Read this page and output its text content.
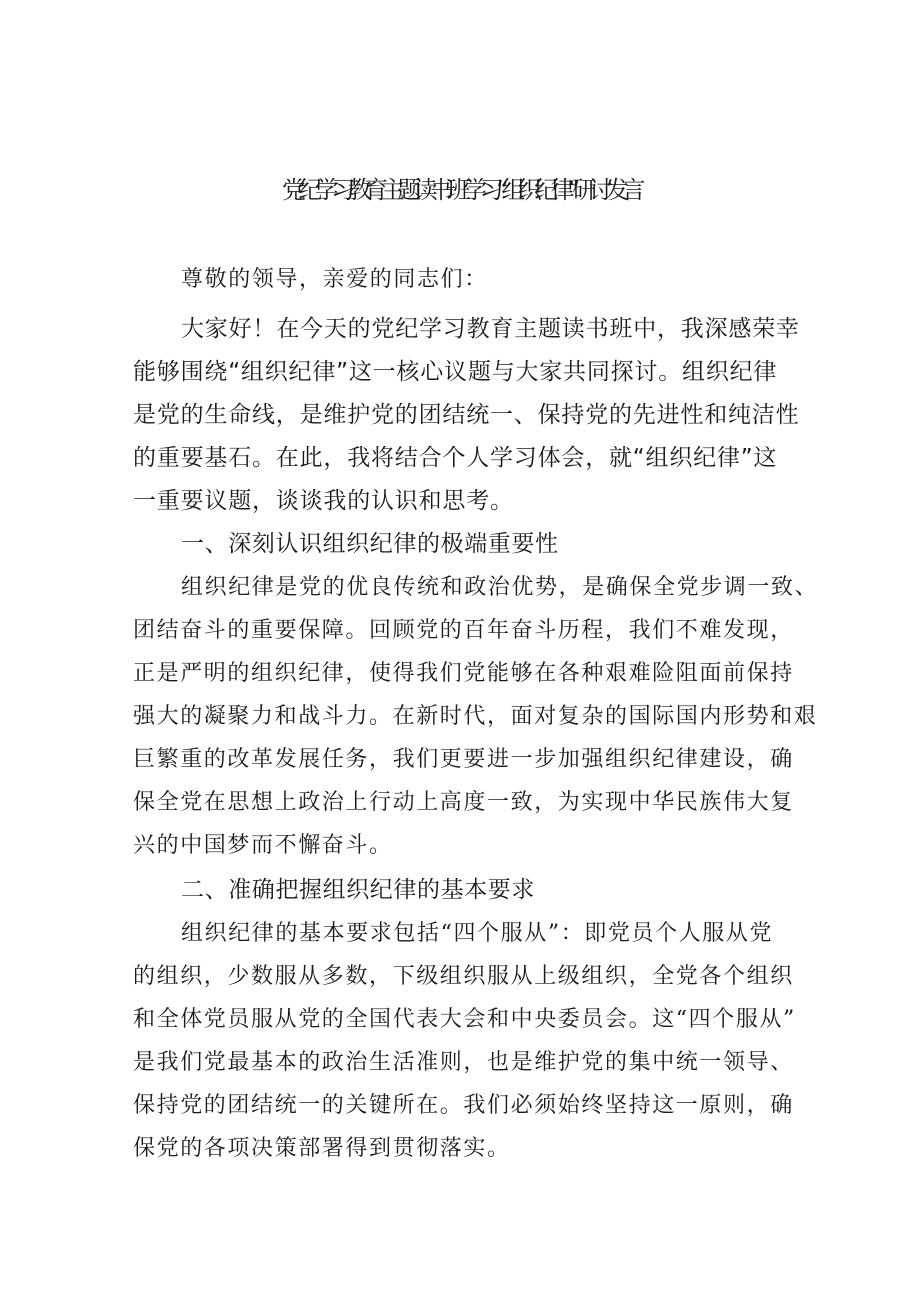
党纪学习教育主题读书班学习“组织纪律”研讨发言
尊敬的领导，亲爱的同志们：
大家好！在今天的党纪学习教育主题读书班中，我深感荣幸
能够围绕“组织纪律”这一核心议题与大家共同探讨。组织纪律
是党的生命线，是维护党的团结统一、保持党的先进性和纯洁性
的重要基石。在此，我将结合个人学习体会，就“组织纪律”这
一重要议题，谈谈我的认识和思考。
一、深刻认识组织纪律的极端重要性
组织纪律是党的优良传统和政治优势，是确保全党步调一致、
团结奋斗的重要保障。回顾党的百年奋斗历程，我们不难发现，
正是严明的组织纪律，使得我们党能够在各种艰难险阻面前保持
强大的凝聚力和战斗力。在新时代，面对复杂的国际国内形势和艰
巨繁重的改革发展任务，我们更要进一步加强组织纪律建设，确
保全党在思想上政治上行动上高度一致，为实现中华民族伟大复
兴的中国梦而不懈奋斗。
二、准确把握组织纪律的基本要求
组织纪律的基本要求包括“四个服从”：即党员个人服从党
的组织，少数服从多数，下级组织服从上级组织，全党各个组织
和全体党员服从党的全国代表大会和中央委员会。这“四个服从”
是我们党最基本的政治生活准则，也是维护党的集中统一领导、
保持党的团结统一的关键所在。我们必须始终坚持这一原则，确
保党的各项决策部署得到贯彻落实。
